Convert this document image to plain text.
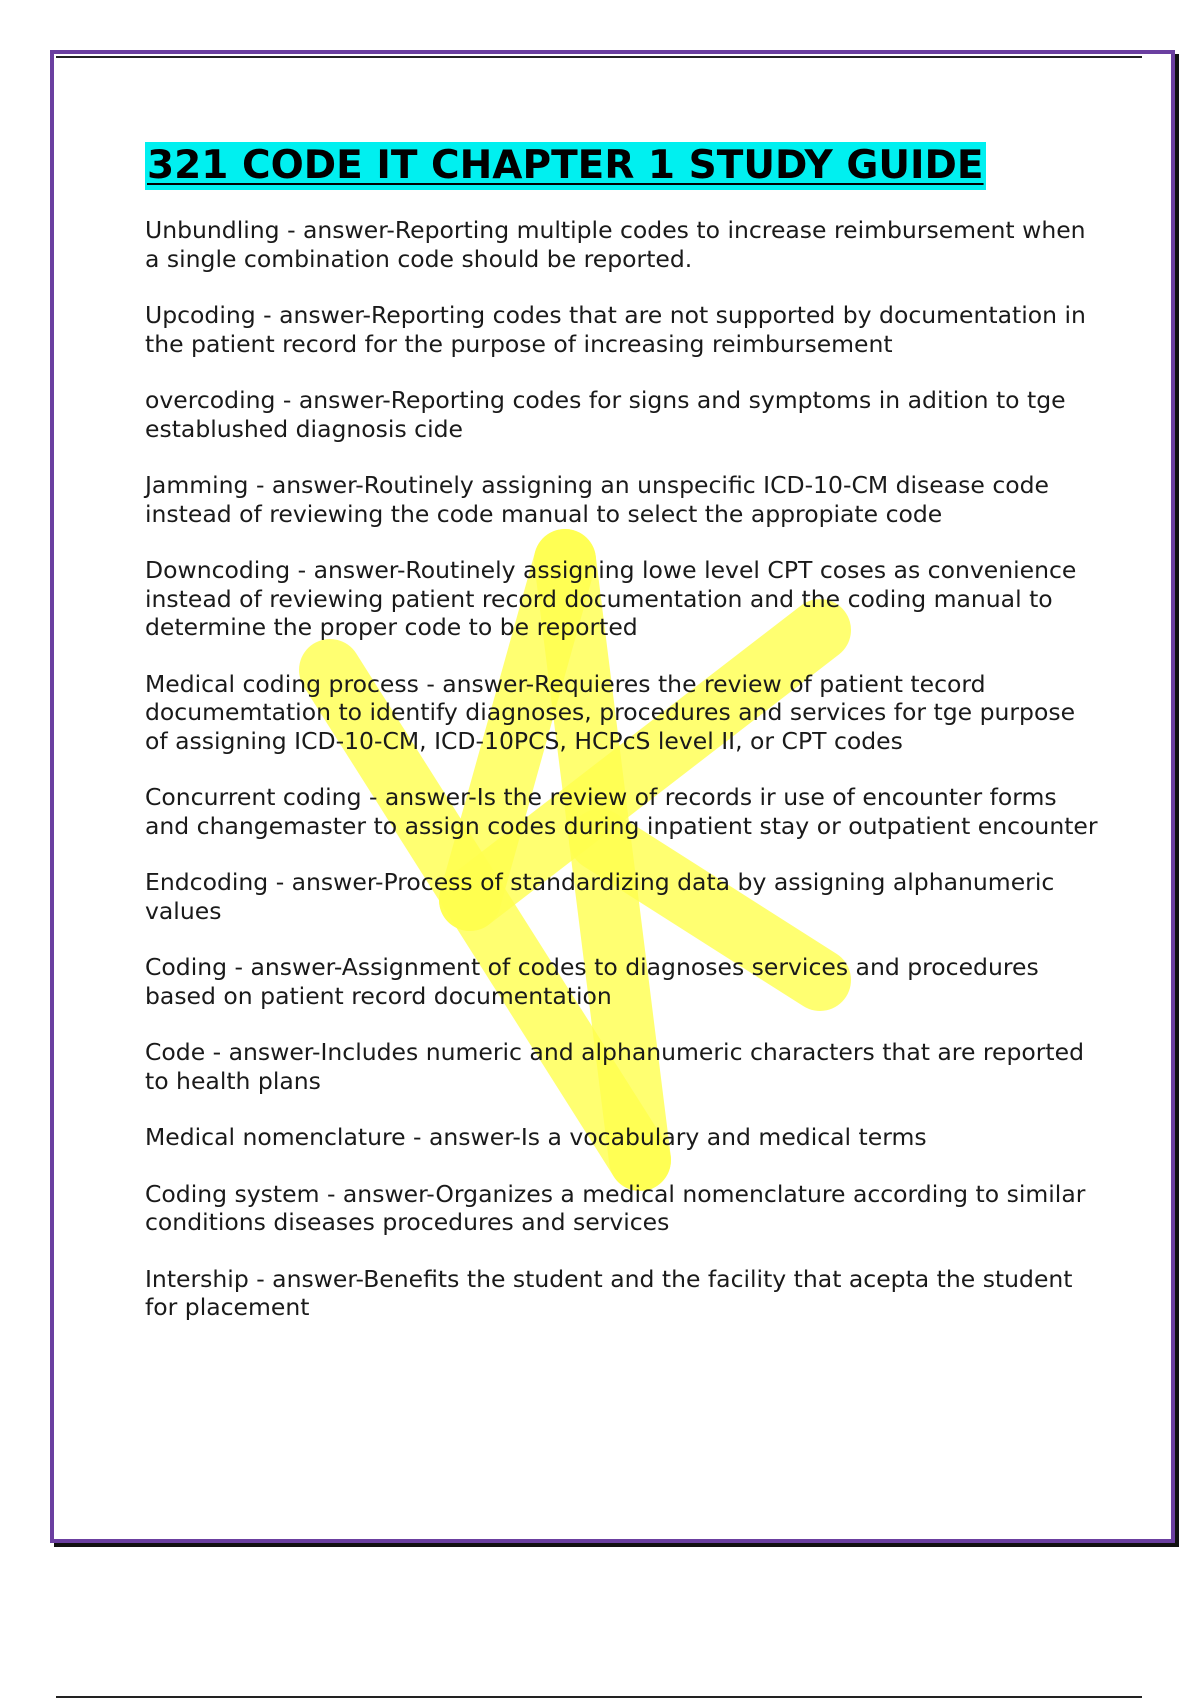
321 CODE IT CHAPTER 1 STUDY GUIDE
Unbundling - answer-Reporting multiple codes to increase reimbursement when a single combination code should be reported.
Upcoding - answer-Reporting codes that are not supported by documentation in the patient record for the purpose of increasing reimbursement
overcoding - answer-Reporting codes for signs and symptoms in adition to tge establushed diagnosis cide
Jamming - answer-Routinely assigning an unspecific ICD-10-CM disease code instead of reviewing the code manual to select the appropiate code
Downcoding - answer-Routinely assigning lowe level CPT coses as convenience instead of reviewing patient record documentation and the coding manual to determine the proper code to be reported
Medical coding process - answer-Requieres the review of patient tecord documemtation to identify diagnoses, procedures and services for tge purpose of assigning ICD-10-CM, ICD-10PCS, HCPcS level II, or CPT codes
Concurrent coding - answer-Is the review of records ir use of encounter forms and changemaster to assign codes during inpatient stay or outpatient encounter
Endcoding - answer-Process of standardizing data by assigning alphanumeric values
Coding - answer-Assignment of codes to diagnoses services and procedures based on patient record documentation
Code - answer-Includes numeric and alphanumeric characters that are reported to health plans
Medical nomenclature - answer-Is a vocabulary and medical terms
Coding system - answer-Organizes a medical nomenclature according to similar conditions diseases procedures and services
Intership - answer-Benefits the student and the facility that acepta the student for placement
